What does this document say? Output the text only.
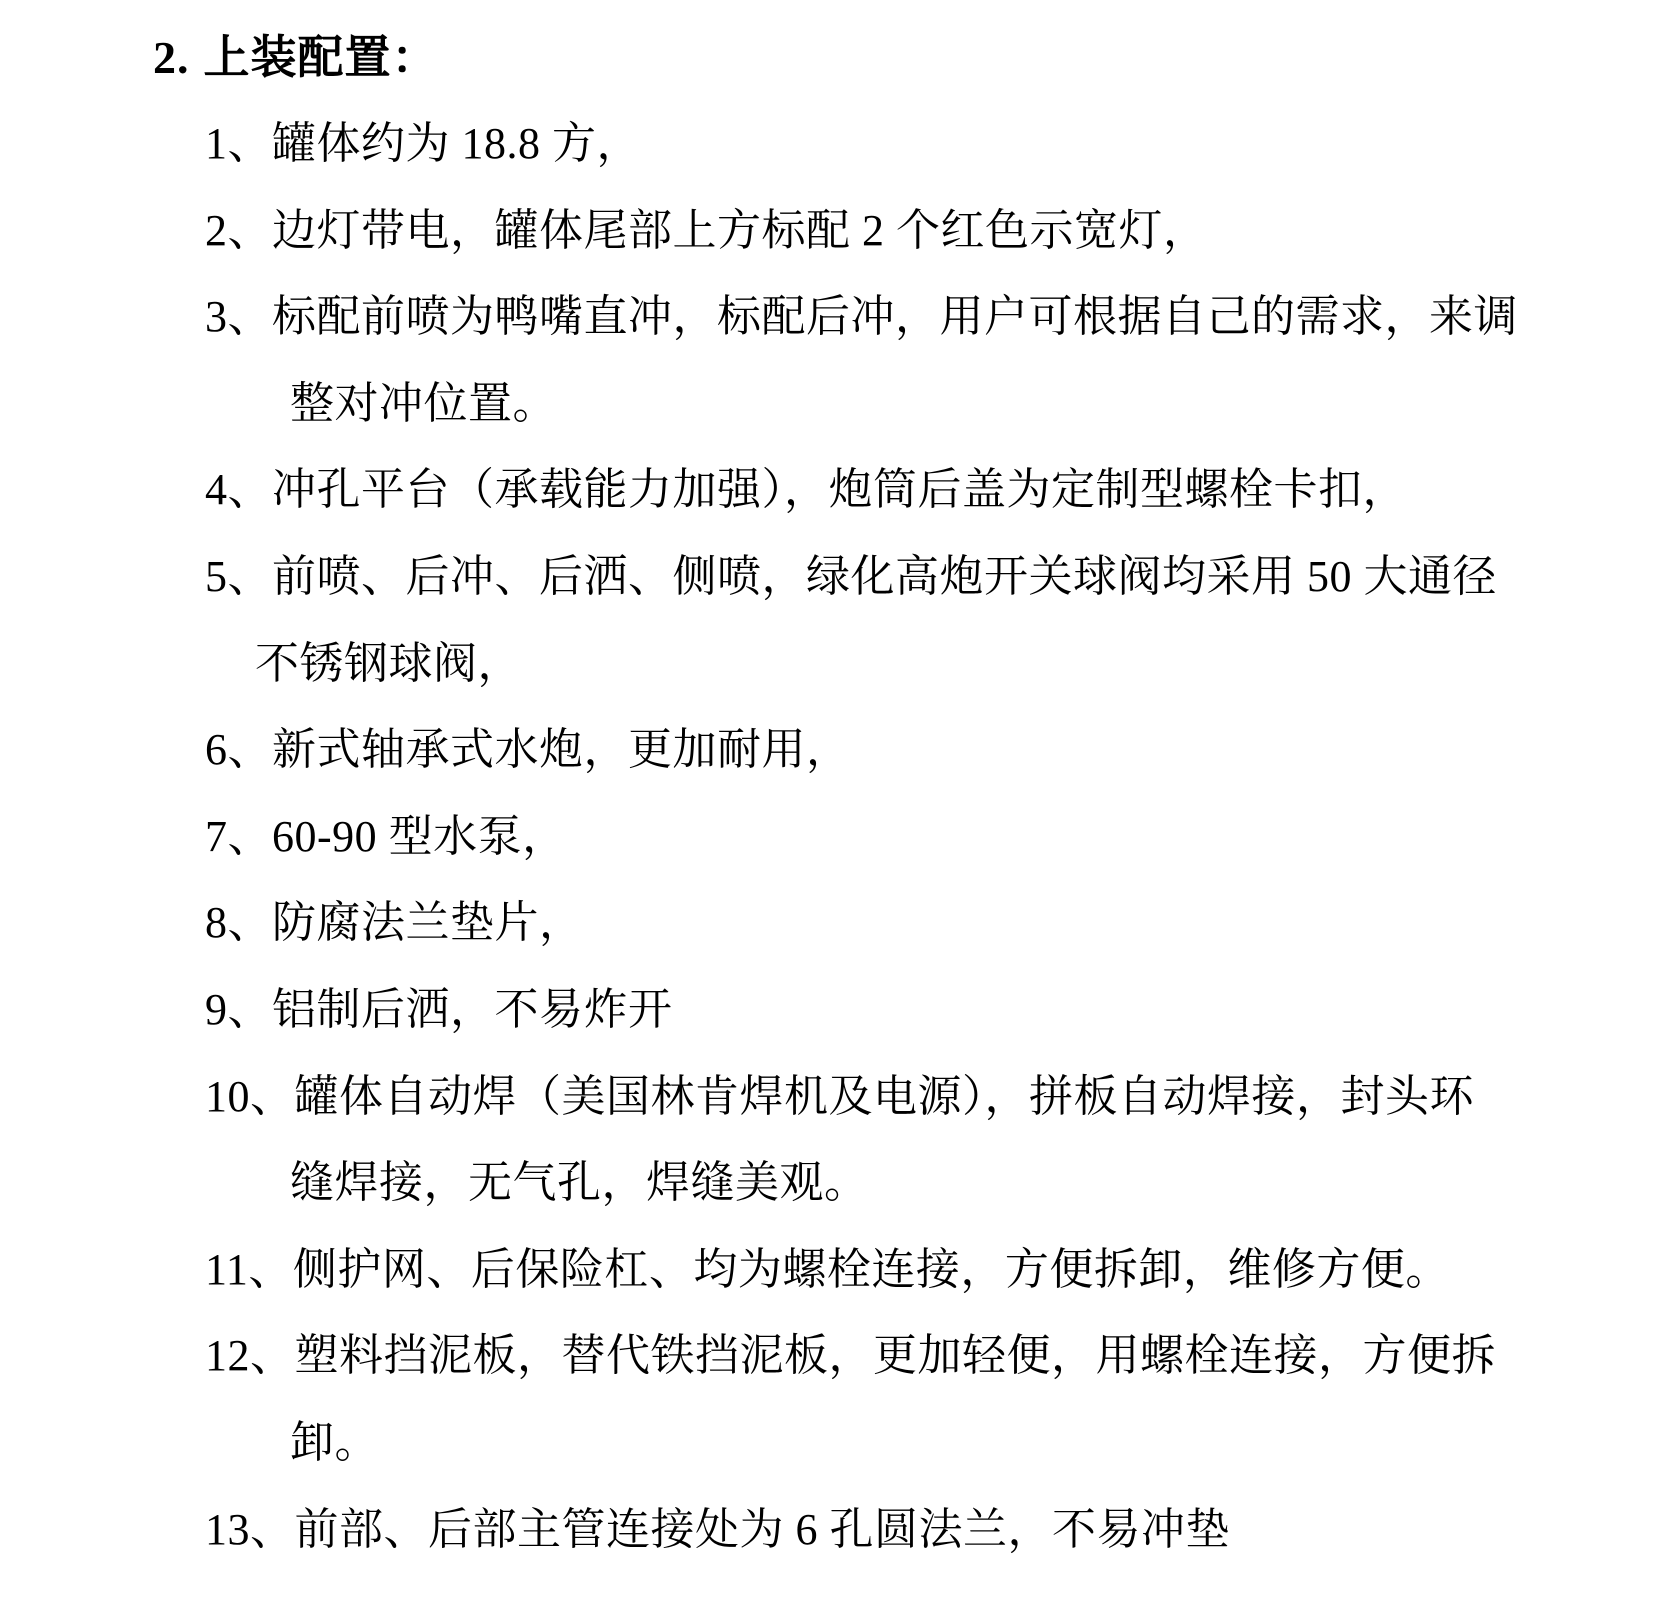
2. 上装配置：
1、罐体约为 18.8 方，
2、边灯带电，罐体尾部上方标配 2 个红色示宽灯，
3、标配前喷为鸭嘴直冲，标配后冲，用户可根据自己的需求，来调
整对冲位置。
4、冲孔平台（承载能力加强），炮筒后盖为定制型螺栓卡扣，
5、前喷、后冲、后洒、侧喷，绿化高炮开关球阀均采用 50 大通径
不锈钢球阀，
6、新式轴承式水炮，更加耐用，
7、60-90 型水泵，
8、防腐法兰垫片，
9、铝制后洒，不易炸开
10、罐体自动焊（美国林肯焊机及电源），拼板自动焊接，封头环
缝焊接，无气孔，焊缝美观。
11、侧护网、后保险杠、均为螺栓连接，方便拆卸，维修方便。
12、塑料挡泥板，替代铁挡泥板，更加轻便，用螺栓连接，方便拆
卸。
13、前部、后部主管连接处为 6 孔圆法兰，不易冲垫
